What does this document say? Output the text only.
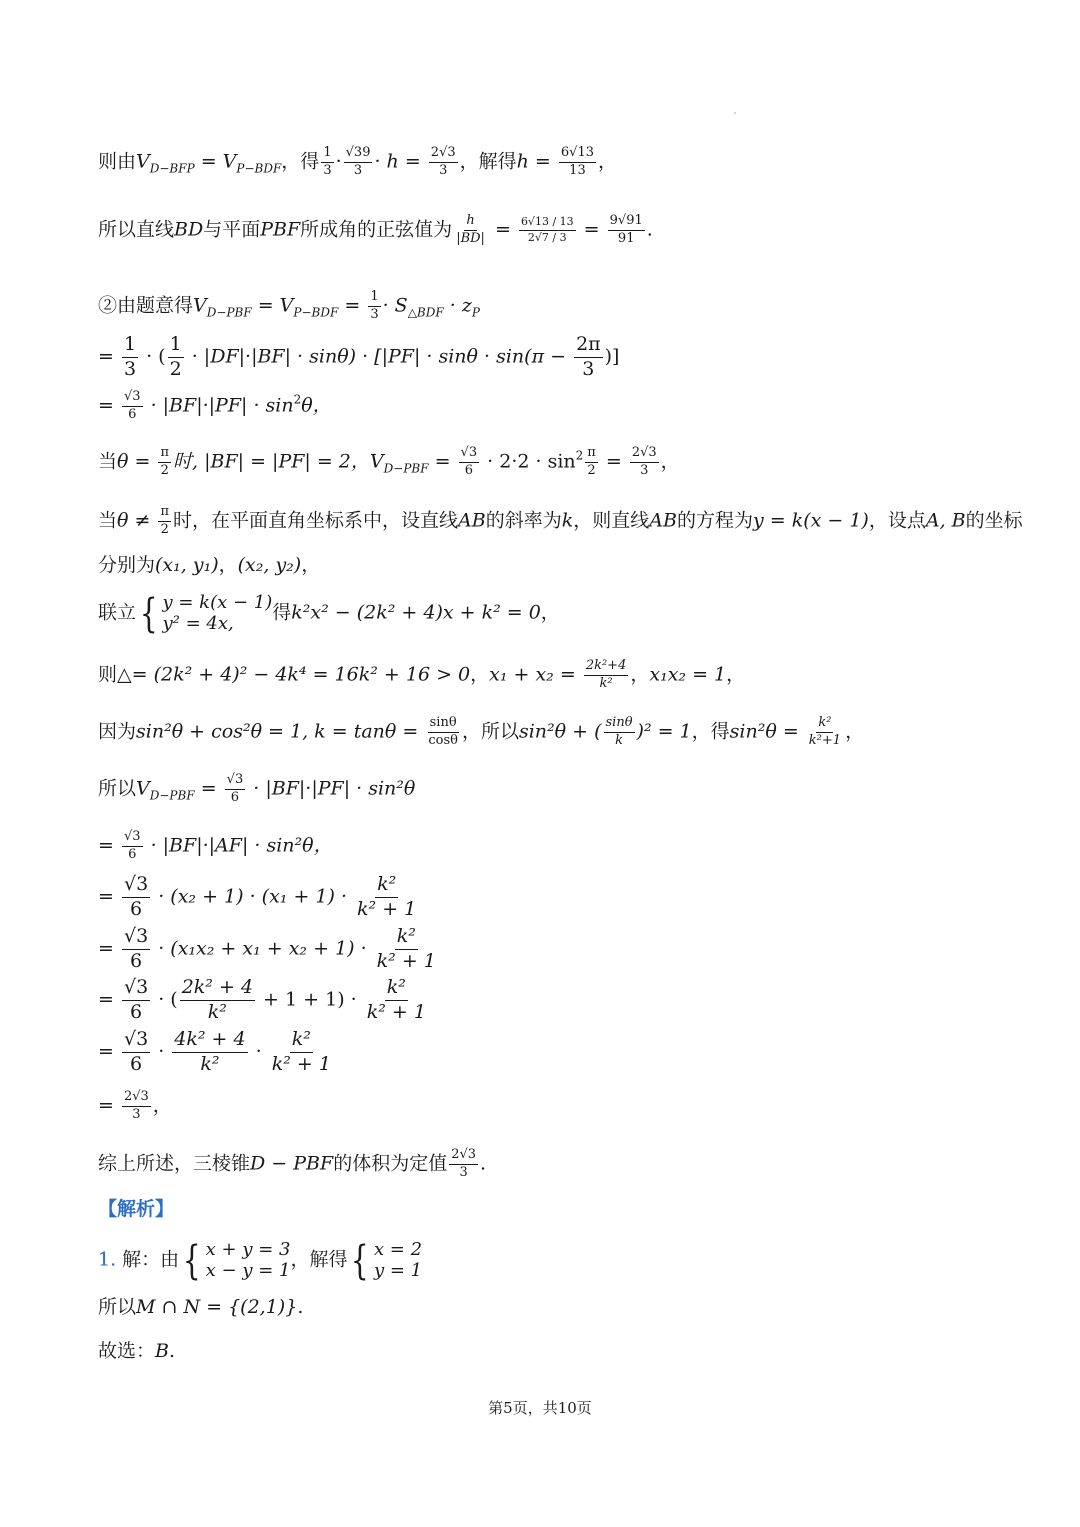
则由$V_{D-BFP} = V_{P-BDF}$，得 $\frac{1}{3} \cdot \frac{√39}{3} \cdot h = \frac{2√3}{3}$ ，解得$h = \frac{6√13}{13}$ ，
所以直线BD与平面PBF所成角的正弦值为 $\frac{h}{|BD|} = \frac{6√13 / 13}{2√7 / 3} = \frac{9√91}{91}$ .
②由题意得$V_{D-PBF} = V_{P-BDF} = \frac{1}{3} \cdot S_{\triangle BDF} \cdot z_P$
= $\frac{1}{3}$ · ( $\frac{1}{2} \cdot |DF|\cdot|BF| \cdot \sin\theta) \cdot [|PF| \cdot \sin\theta \cdot \sin(\pi - \frac{2\pi}{3}$ )]
= $\frac{√3}{6} \cdot |BF|\cdot|PF| \cdot \sin^2\theta$，
当$\theta = \frac{\pi}{2}$ 时, |BF| = |PF| = 2，$V_{D-PBF} = \frac{√3}{6} \cdot 2\cdot 2 \cdot \sin^2 \frac{\pi}{2} = \frac{2√3}{3}$ ，
当$\theta \ne \frac{\pi}{2}$ 时，在平面直角坐标系中，设直线AB的斜率为k，则直线AB的方程为y = k(x − 1)，设点A, B的坐标
分别为(x₁, y₁)，(x₂, y₂)，
联立 { y = k(x − 1)
y² = 4x,	得k²x² − (2k² + 4)x + k² = 0，
则△= (2k² + 4)² − 4k⁴ = 16k² + 16 > 0，$x_1 + x_2 = \frac{\text{2k²+4}}{\text{k²}}$ ，x₁x₂ = 1，
因为sin²θ + cos²θ = 1, $k = \tan\theta = \frac{\sin\theta}{\cos\theta}$ ，所以sin²θ + ( $\frac{\sin\theta}{k} )^2 = 1$，得$\sin^2\theta = \frac{\text{k²}}{\text{k²+1}}$ ，
所以$V_{D-PBF} = \frac{√3}{6} \cdot |BF|\cdot|PF| \cdot \sin^2\theta$
= $\frac{√3}{6} \cdot |BF|\cdot|AF| \cdot \sin^2\theta$，
= $\frac{√3}{6} \cdot (x_2 + 1) \cdot (x_1 + 1) \cdot \frac{\text{k²}}{\text{k² + 1}}$
= $\frac{√3}{6} \cdot (x_1x_2 + x_1 + x_2 + 1) \cdot \frac{\text{k²}}{\text{k² + 1}}$
= $\frac{√3}{6}$ · ( $\frac{\text{2k² + 4}}{\text{k²}} + 1 + 1) \cdot \frac{\text{k²}}{\text{k² + 1}}$
= $\frac{√3}{6} \cdot \frac{\text{4k² + 4}}{\text{k²}} \cdot \frac{\text{k²}}{\text{k² + 1}}$
= $\frac{2√3}{3}$ ，
综上所述，三棱锥D − PBF的体积为定值 $\frac{2√3}{3}$ .
【解析】
1. 解：由 { x + y = 3
x − y = 1 ，解得 { x = 2
y = 1
所以M ∩ N = {(2,1)}.
故选：B.
第5页，共10页
